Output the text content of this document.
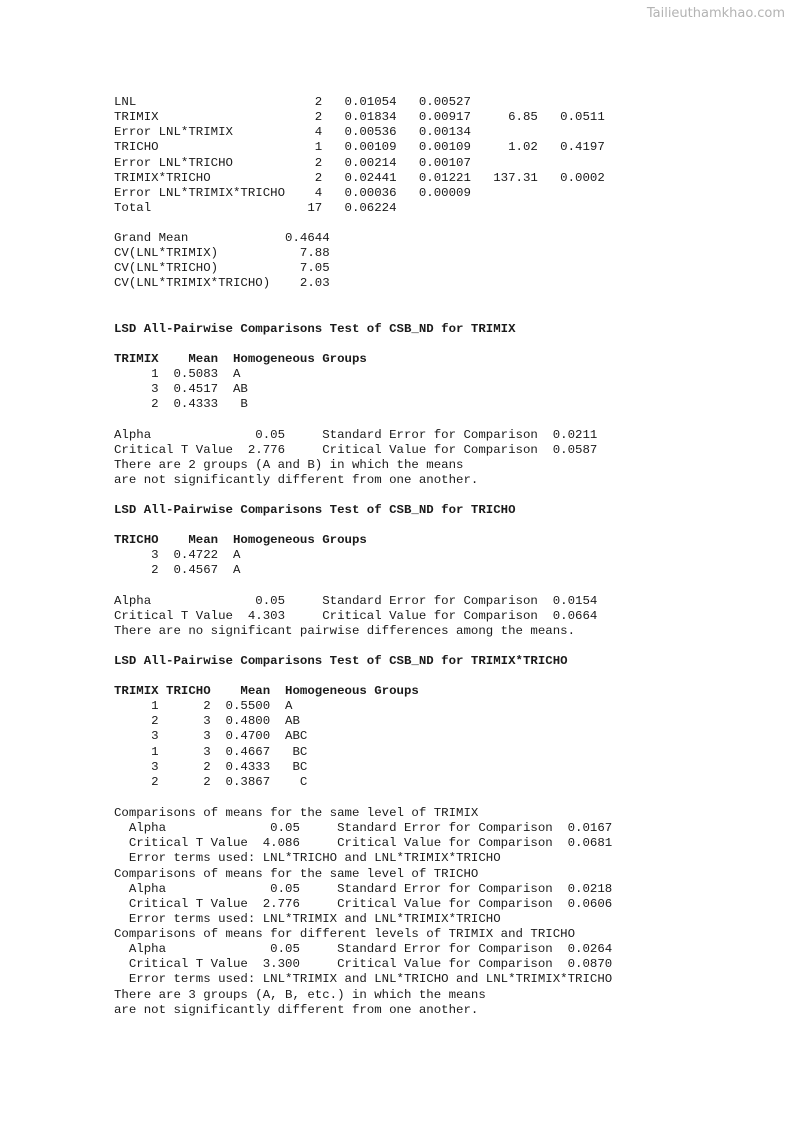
Tailieuthamkhao.com
LNL                        2   0.01054   0.00527
TRIMIX                     2   0.01834   0.00917     6.85   0.0511
Error LNL*TRIMIX           4   0.00536   0.00134
TRICHO                     1   0.00109   0.00109     1.02   0.4197
Error LNL*TRICHO           2   0.00214   0.00107
TRIMIX*TRICHO              2   0.02441   0.01221   137.31   0.0002
Error LNL*TRIMIX*TRICHO    4   0.00036   0.00009
Total                     17   0.06224
Grand Mean             0.4644
CV(LNL*TRIMIX)           7.88
CV(LNL*TRICHO)           7.05
CV(LNL*TRIMIX*TRICHO)    2.03
LSD All-Pairwise Comparisons Test of CSB_ND for TRIMIX
TRIMIX    Mean  Homogeneous Groups
1  0.5083  A
3  0.4517  AB
2  0.4333   B
Alpha              0.05     Standard Error for Comparison  0.0211
Critical T Value  2.776     Critical Value for Comparison  0.0587
There are 2 groups (A and B) in which the means
are not significantly different from one another.
LSD All-Pairwise Comparisons Test of CSB_ND for TRICHO
TRICHO    Mean  Homogeneous Groups
3  0.4722  A
2  0.4567  A
Alpha              0.05     Standard Error for Comparison  0.0154
Critical T Value  4.303     Critical Value for Comparison  0.0664
There are no significant pairwise differences among the means.
LSD All-Pairwise Comparisons Test of CSB_ND for TRIMIX*TRICHO
TRIMIX TRICHO    Mean  Homogeneous Groups
1      2  0.5500  A
2      3  0.4800  AB
3      3  0.4700  ABC
1      3  0.4667   BC
3      2  0.4333   BC
2      2  0.3867    C
Comparisons of means for the same level of TRIMIX
Alpha              0.05     Standard Error for Comparison  0.0167
Critical T Value  4.086     Critical Value for Comparison  0.0681
Error terms used: LNL*TRICHO and LNL*TRIMIX*TRICHO
Comparisons of means for the same level of TRICHO
Alpha              0.05     Standard Error for Comparison  0.0218
Critical T Value  2.776     Critical Value for Comparison  0.0606
Error terms used: LNL*TRIMIX and LNL*TRIMIX*TRICHO
Comparisons of means for different levels of TRIMIX and TRICHO
Alpha              0.05     Standard Error for Comparison  0.0264
Critical T Value  3.300     Critical Value for Comparison  0.0870
Error terms used: LNL*TRIMIX and LNL*TRICHO and LNL*TRIMIX*TRICHO
There are 3 groups (A, B, etc.) in which the means
are not significantly different from one another.
